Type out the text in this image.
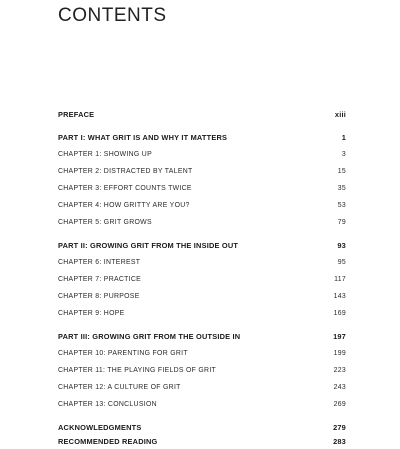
CONTENTS
PREFACE	xiii
PART I: WHAT GRIT IS AND WHY IT MATTERS	1
CHAPTER 1: SHOWING UP	3
CHAPTER 2: DISTRACTED BY TALENT	15
CHAPTER 3: EFFORT COUNTS TWICE	35
CHAPTER 4: HOW GRITTY ARE YOU?	53
CHAPTER 5: GRIT GROWS	79
PART II: GROWING GRIT FROM THE INSIDE OUT	93
CHAPTER 6: INTEREST	95
CHAPTER 7: PRACTICE	117
CHAPTER 8: PURPOSE	143
CHAPTER 9: HOPE	169
PART III: GROWING GRIT FROM THE OUTSIDE IN	197
CHAPTER 10: PARENTING FOR GRIT	199
CHAPTER 11: THE PLAYING FIELDS OF GRIT	223
CHAPTER 12: A CULTURE OF GRIT	243
CHAPTER 13: CONCLUSION	269
ACKNOWLEDGMENTS	279
RECOMMENDED READING	283
